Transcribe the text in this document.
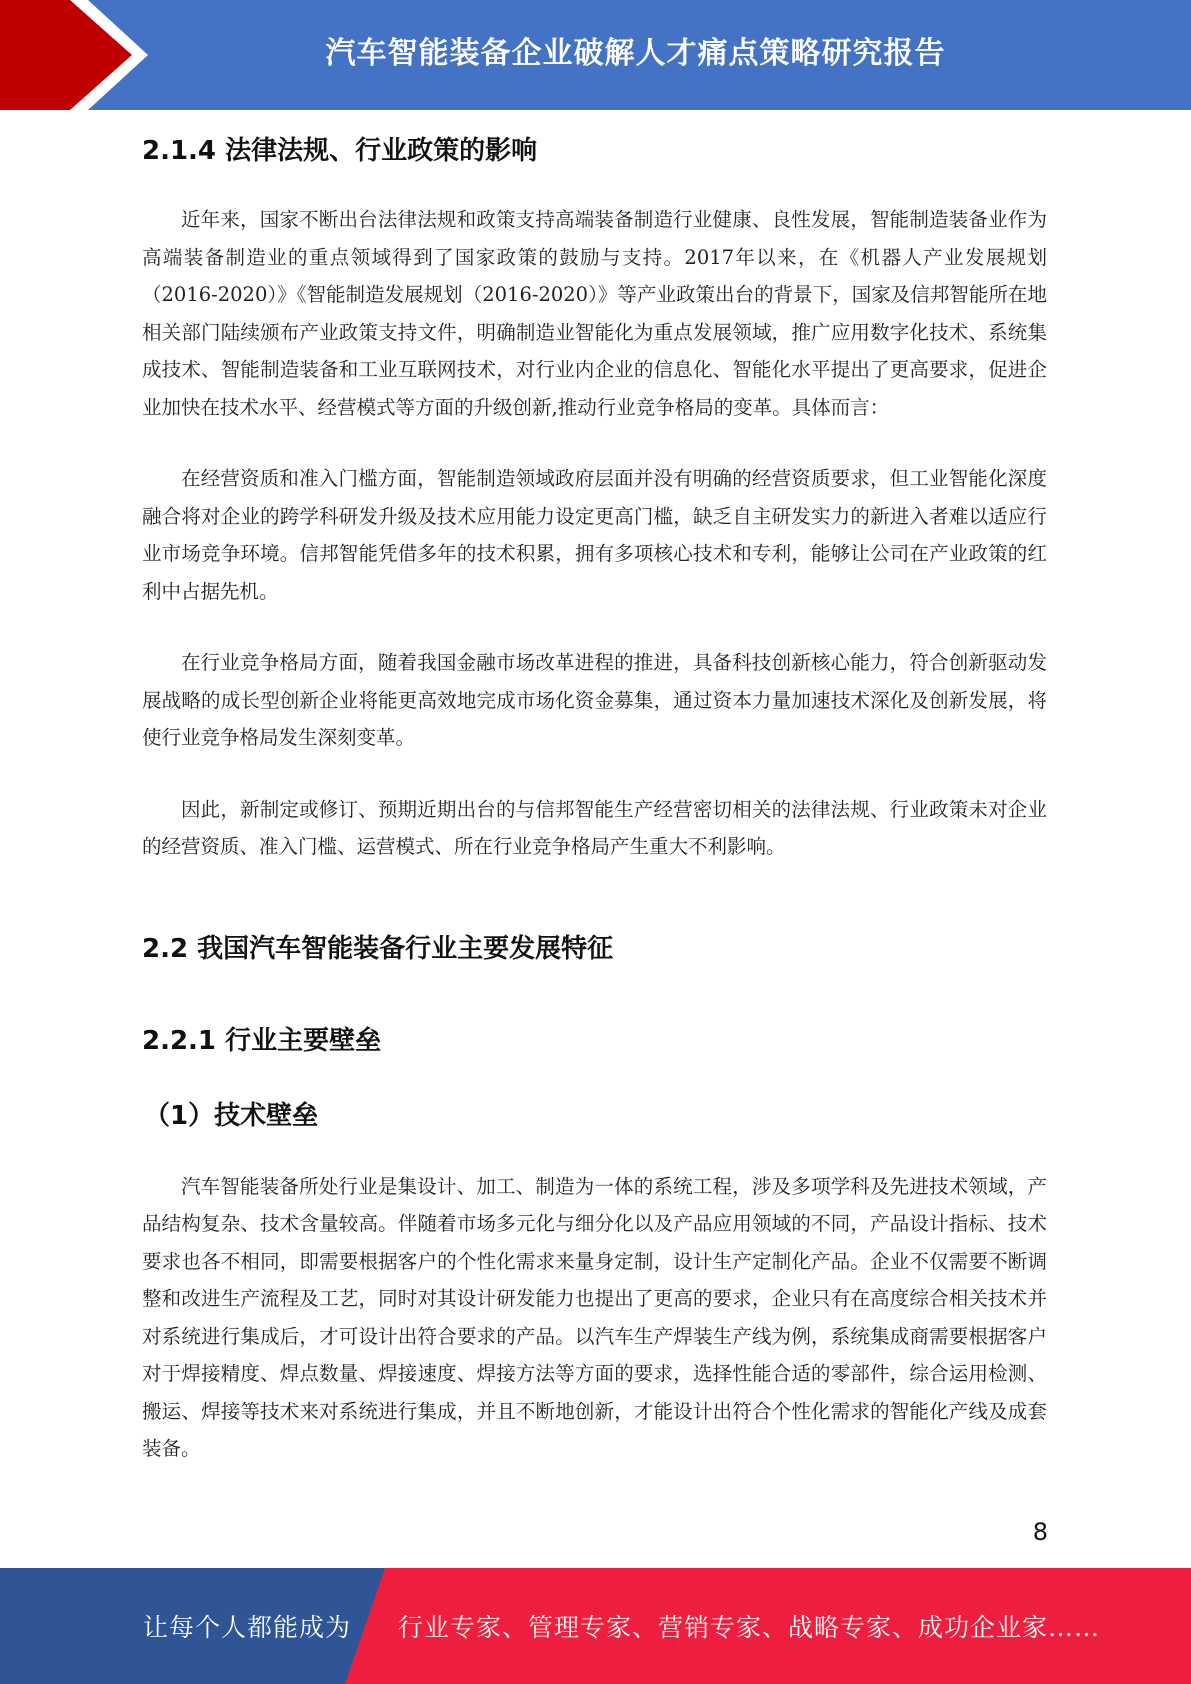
汽车智能装备企业破解人才痛点策略研究报告
2.1.4 法律法规、行业政策的影响

近年来，国家不断出台法律法规和政策支持高端装备制造行业健康、良性发展，智能制造装备业作为高端装备制造业的重点领域得到了国家政策的鼓励与支持。2017年以来，在《机器人产业发展规划（2016-2020）》《智能制造发展规划（2016-2020）》等产业政策出台的背景下，国家及信邦智能所在地相关部门陆续颁布产业政策支持文件，明确制造业智能化为重点发展领域，推广应用数字化技术、系统集成技术、智能制造装备和工业互联网技术，对行业内企业的信息化、智能化水平提出了更高要求，促进企业加快在技术水平、经营模式等方面的升级创新,推动行业竞争格局的变革。具体而言：

在经营资质和准入门槛方面，智能制造领域政府层面并没有明确的经营资质要求，但工业智能化深度融合将对企业的跨学科研发升级及技术应用能力设定更高门槛，缺乏自主研发实力的新进入者难以适应行业市场竞争环境。信邦智能凭借多年的技术积累，拥有多项核心技术和专利，能够让公司在产业政策的红利中占据先机。

在行业竞争格局方面，随着我国金融市场改革进程的推进，具备科技创新核心能力，符合创新驱动发展战略的成长型创新企业将能更高效地完成市场化资金募集，通过资本力量加速技术深化及创新发展，将使行业竞争格局发生深刻变革。

因此，新制定或修订、预期近期出台的与信邦智能生产经营密切相关的法律法规、行业政策未对企业的经营资质、准入门槛、运营模式、所在行业竞争格局产生重大不利影响。

2.2 我国汽车智能装备行业主要发展特征
2.2.1 行业主要壁垒
（1）技术壁垒

汽车智能装备所处行业是集设计、加工、制造为一体的系统工程，涉及多项学科及先进技术领域，产品结构复杂、技术含量较高。伴随着市场多元化与细分化以及产品应用领域的不同，产品设计指标、技术要求也各不相同，即需要根据客户的个性化需求来量身定制，设计生产定制化产品。企业不仅需要不断调整和改进生产流程及工艺，同时对其设计研发能力也提出了更高的要求，企业只有在高度综合相关技术并对系统进行集成后，才可设计出符合要求的产品。以汽车生产焊装生产线为例，系统集成商需要根据客户对于焊接精度、焊点数量、焊接速度、焊接方法等方面的要求，选择性能合适的零部件，综合运用检测、搬运、焊接等技术来对系统进行集成，并且不断地创新，才能设计出符合个性化需求的智能化产线及成套装备。

8
让每个人都能成为 行业专家、管理专家、营销专家、战略专家、成功企业家……
